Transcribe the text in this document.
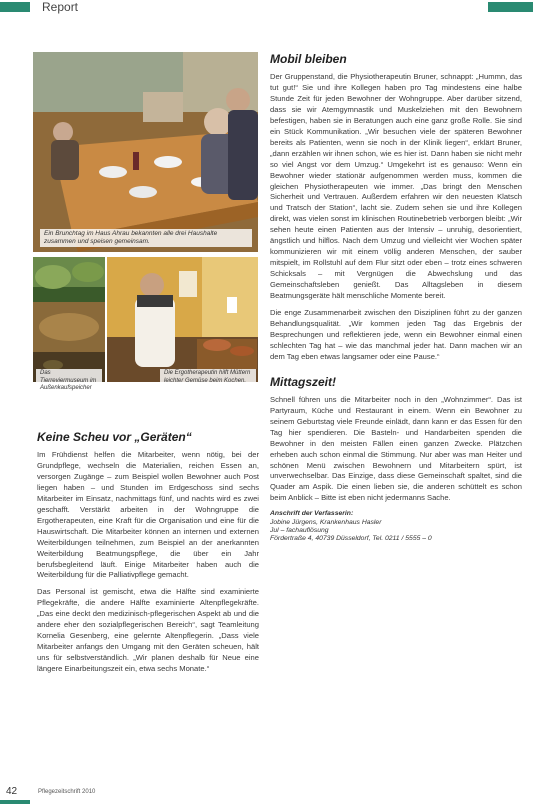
Report
Ein Brunchtag im Haus Ahrau bekannten alle drei Haushalte zusammen und speisen gemeinsam.
Das Tierreviermuseum im Außenkaufspeicher
Die Ergotherapeutin hilft Müttern leichter Gemüse beim Kochen.
Mobil bleiben

Der Gruppenstand, die Physiotherapeutin Bruner, schnappt: „Hummn, das tut gut!“ Sie und ihre Kollegen haben pro Tag mindestens eine halbe Stunde Zeit für jeden Bewohner der Wohngruppe. Aber darüber sitzend, dass sie wir Atemgymnastik und Muskelziehen mit den Bewohnern befestigen, haben sie in Beratungen auch eine ganz große Rolle. Sie sind ein Stück Kommunikation. „Wir besuchen viele der späteren Bewohner bereits als Patienten, wenn sie noch in der Klinik liegen“, erklärt Bruner, „dann erzählen wir ihnen schon, wie es hier ist. Dann haben sie nicht mehr so viel Angst vor dem Umzug.“ Umgekehrt ist es genauso: Wenn ein Bewohner wieder stationär aufgenommen werden muss, kommen die gleichen Physiotherapeuten wie immer. „Das bringt den Menschen Sicherheit und Vertrauen. Außerdem erfahren wir den neuesten Klatsch und Tratsch der Station“, lacht sie. Zudem sehen sie und ihre Kollegen direkt, was vielen sonst im klinischen Routinebetrieb verborgen bleibt: „Wir sehen heute einen Patienten aus der Intensiv – unruhig, desorientiert, ängstlich und hilflos. Nach dem Umzug und vielleicht vier Wochen später kommunizieren wir mit einem völlig anderen Menschen, der sauber mitspielt, im Rollstuhl auf dem Flur sitzt oder eben – trotz eines schweren Schicksals – mit Vergnügen die Abwechslung und das Gemeinschaftsleben genießt. Das Alltagsleben in diesem Beatmungsgeräte hält menschliche Momente bereit.

Die enge Zusammenarbeit zwischen den Disziplinen führt zu der ganzen Behandlungsqualität. „Wir kommen jeden Tag das Ergebnis der Besprechungen und reflektieren jede, wenn ein Bewohner einmal einen schlechten Tag hat – wie das manchmal jeder hat. Dann machen wir an dem Tag eben etwas langsamer oder eine Pause.“

Mittagszeit!

Schnell führen uns die Mitarbeiter noch in den „Wohnzimmer“. Das ist Partyraum, Küche und Restaurant in einem. Wenn ein Bewohner zu seinem Geburtstag viele Freunde einlädt, dann kann er das Essen für den Tag hier spendieren. Die Basteln- und Handarbeiten spenden die Bewohner in den meisten Fällen einen ganzen Zwecke. Plätzchen erheben auch schon einmal die Stimmung. Nur aber was man Heiter und schönen Menü zwischen Bewohnern und Mitarbeitern spürt, ist unverwechselbar. Das Einzige, dass diese Gemeinschaft spaltet, sind die Quader am Aspik. Die einen lieben sie, die anderen schüttelt es schon beim Anblick – Bitte ist eben nicht jedermanns Sache.

Anschrift der Verfasserin:
Jobine Jürgens, Krankenhaus Hasler
Jul – fachauflösung
Fördertraße 4, 40739 Düsseldorf, Tel. 0211 / 5555 – 0
Keine Scheu vor „Geräten“

Im Frühdienst helfen die Mitarbeiter, wenn nötig, bei der Grundpflege, wechseln die Materialien, reichen Essen an, versorgen Zugänge – zum Beispiel wollen Bewohner auch Post liegen haben – und Stunden im Erdgeschoss sind sechs Mitarbeiter im Einsatz, nachmittags fünf, und nachts wird es zwei geschafft. Verstärkt arbeiten in der Wohngruppe die Ergotherapeuten, eine Kraft für die Organisation und eine für die Hauswirtschaft. Die Mitarbeiter können an internen und externen Weiterbildungen teilnehmen, zum Beispiel an der anerkannten Weiterbildung Beatmungspflege, die über ein Jahr berufsbegleitend läuft. Einige Mitarbeiter haben auch die Weiterbildung für die Palliativpflege gemacht.

Das Personal ist gemischt, etwa die Hälfte sind examinierte Pflegekräfte, die andere Hälfte examinierte Altenpflegekräfte. „Das eine deckt den medizinisch-pflegerischen Aspekt ab und die andere eher den sozialpflegerischen Bereich“, sagt Teamleitung Kornelia Gesenberg, eine gelernte Altenpflegerin. „Dass viele Mitarbeiter anfangs den Umgang mit den Geräten scheuen, hält uns für selbstverständlich. „Wir planen deshalb für Neue eine längere Einarbeitungszeit ein, etwa sechs Monate.“

42	Pflegezeitschrift 2010
